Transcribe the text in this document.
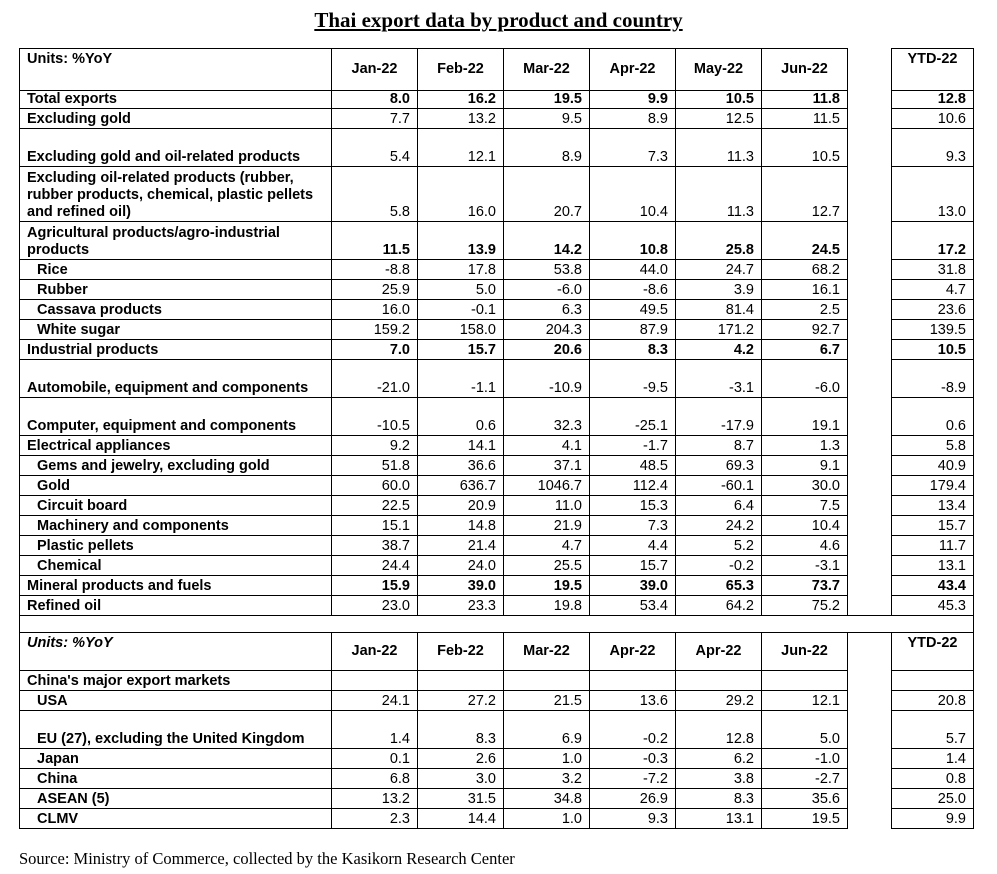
Thai export data by product and country
Units: %YoY	Jan-22	Feb-22	Mar-22	Apr-22	May-22	Jun-22		YTD-22
Total exports	8.0	16.2	19.5	9.9	10.5	11.8		12.8
Excluding gold	7.7	13.2	9.5	8.9	12.5	11.5		10.6
Excluding gold and oil-related products	5.4	12.1	8.9	7.3	11.3	10.5		9.3
Excluding oil-related products (rubber, rubber products, chemical, plastic pellets and refined oil)	5.8	16.0	20.7	10.4	11.3	12.7		13.0
Agricultural products/agro-industrial products	11.5	13.9	14.2	10.8	25.8	24.5		17.2
Rice	-8.8	17.8	53.8	44.0	24.7	68.2		31.8
Rubber	25.9	5.0	-6.0	-8.6	3.9	16.1		4.7
Cassava products	16.0	-0.1	6.3	49.5	81.4	2.5		23.6
White sugar	159.2	158.0	204.3	87.9	171.2	92.7		139.5
Industrial products	7.0	15.7	20.6	8.3	4.2	6.7		10.5
Automobile, equipment and components	-21.0	-1.1	-10.9	-9.5	-3.1	-6.0		-8.9
Computer, equipment and components	-10.5	0.6	32.3	-25.1	-17.9	19.1		0.6
Electrical appliances	9.2	14.1	4.1	-1.7	8.7	1.3		5.8
Gems and jewelry, excluding gold	51.8	36.6	37.1	48.5	69.3	9.1		40.9
Gold	60.0	636.7	1046.7	112.4	-60.1	30.0		179.4
Circuit board	22.5	20.9	11.0	15.3	6.4	7.5		13.4
Machinery and components	15.1	14.8	21.9	7.3	24.2	10.4		15.7
Plastic pellets	38.7	21.4	4.7	4.4	5.2	4.6		11.7
Chemical	24.4	24.0	25.5	15.7	-0.2	-3.1		13.1
Mineral products and fuels	15.9	39.0	19.5	39.0	65.3	73.7		43.4
Refined oil	23.0	23.3	19.8	53.4	64.2	75.2		45.3

Units: %YoY	Jan-22	Feb-22	Mar-22	Apr-22	Apr-22	Jun-22		YTD-22
China's major export markets								
USA	24.1	27.2	21.5	13.6	29.2	12.1		20.8
EU (27), excluding the United Kingdom	1.4	8.3	6.9	-0.2	12.8	5.0		5.7
Japan	0.1	2.6	1.0	-0.3	6.2	-1.0		1.4
China	6.8	3.0	3.2	-7.2	3.8	-2.7		0.8
ASEAN (5)	13.2	31.5	34.8	26.9	8.3	35.6		25.0
CLMV	2.3	14.4	1.0	9.3	13.1	19.5		9.9
Source: Ministry of Commerce, collected by the Kasikorn Research Center
